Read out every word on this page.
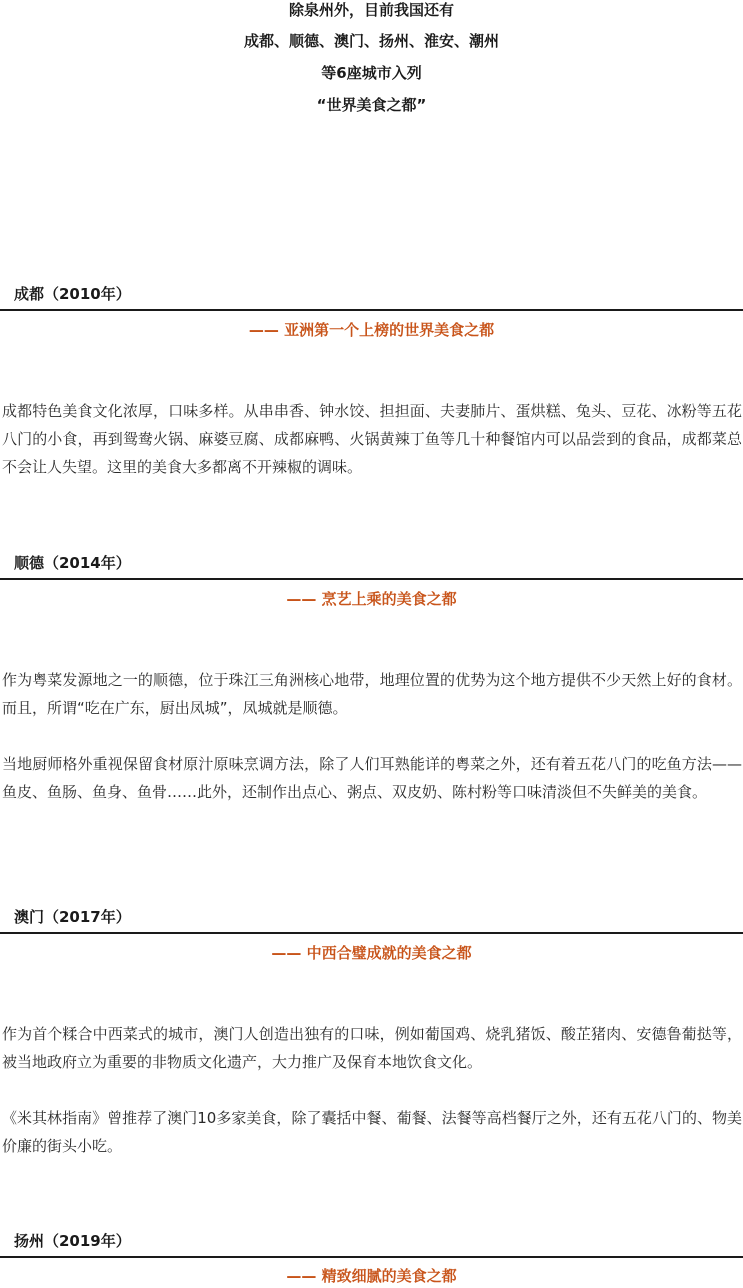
除泉州外，目前我国还有
成都、顺德、澳门、扬州、淮安、潮州
等6座城市入列
“世界美食之都”
成都（2010年）
—— 亚洲第一个上榜的世界美食之都
成都特色美食文化浓厚，口味多样。从串串香、钟水饺、担担面、夫妻肺片、蛋烘糕、兔头、豆花、冰粉等五花八门的小食，再到鸳鸯火锅、麻婆豆腐、成都麻鸭、火锅黄辣丁鱼等几十种餐馆内可以品尝到的食品，成都菜总不会让人失望。这里的美食大多都离不开辣椒的调味。
顺德（2014年）
—— 烹艺上乘的美食之都
作为粤菜发源地之一的顺德，位于珠江三角洲核心地带，地理位置的优势为这个地方提供不少天然上好的食材。而且，所谓“吃在广东，厨出凤城”，凤城就是顺德。
当地厨师格外重视保留食材原汁原味烹调方法，除了人们耳熟能详的粤菜之外，还有着五花八门的吃鱼方法——鱼皮、鱼肠、鱼身、鱼骨……此外，还制作出点心、粥点、双皮奶、陈村粉等口味清淡但不失鲜美的美食。
澳门（2017年）
—— 中西合璧成就的美食之都
作为首个糅合中西菜式的城市，澳门人创造出独有的口味，例如葡国鸡、烧乳猪饭、酸芷猪肉、安德鲁葡挞等，被当地政府立为重要的非物质文化遗产，大力推广及保育本地饮食文化。
《米其林指南》曾推荐了澳门10多家美食，除了囊括中餐、葡餐、法餐等高档餐厅之外，还有五花八门的、物美价廉的街头小吃。
扬州（2019年）
—— 精致细腻的美食之都
